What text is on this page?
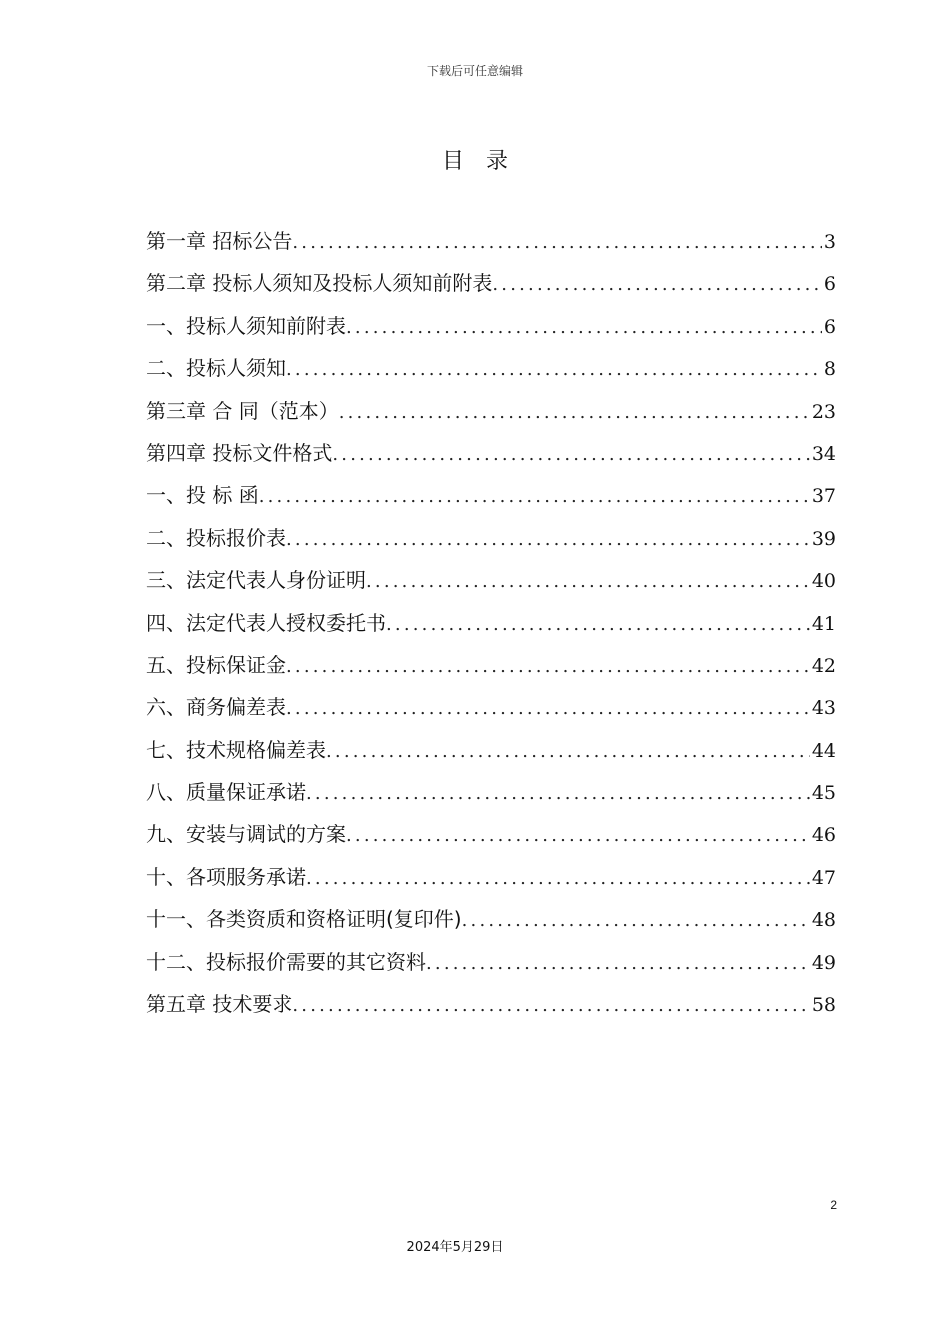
下载后可任意编辑
目录
第一章 招标公告 .....	3
第二章 投标人须知及投标人须知前附表 .....	6
一、投标人须知前附表 .....	6
二、投标人须知 .....	8
第三章 合 同（范本） .....	23
第四章 投标文件格式 .....	34
一、投 标 函 .....	37
二、投标报价表 .....	39
三、法定代表人身份证明 .....	40
四、法定代表人授权委托书 .....	41
五、投标保证金 .....	42
六、商务偏差表 .....	43
七、技术规格偏差表 .....	44
八、质量保证承诺 .....	45
九、安装与调试的方案 .....	46
十、各项服务承诺 .....	47
十一、各类资质和资格证明(复印件) .....	48
十二、投标报价需要的其它资料 .....	49
第五章 技术要求 .....	58
2
2024年5月29日
